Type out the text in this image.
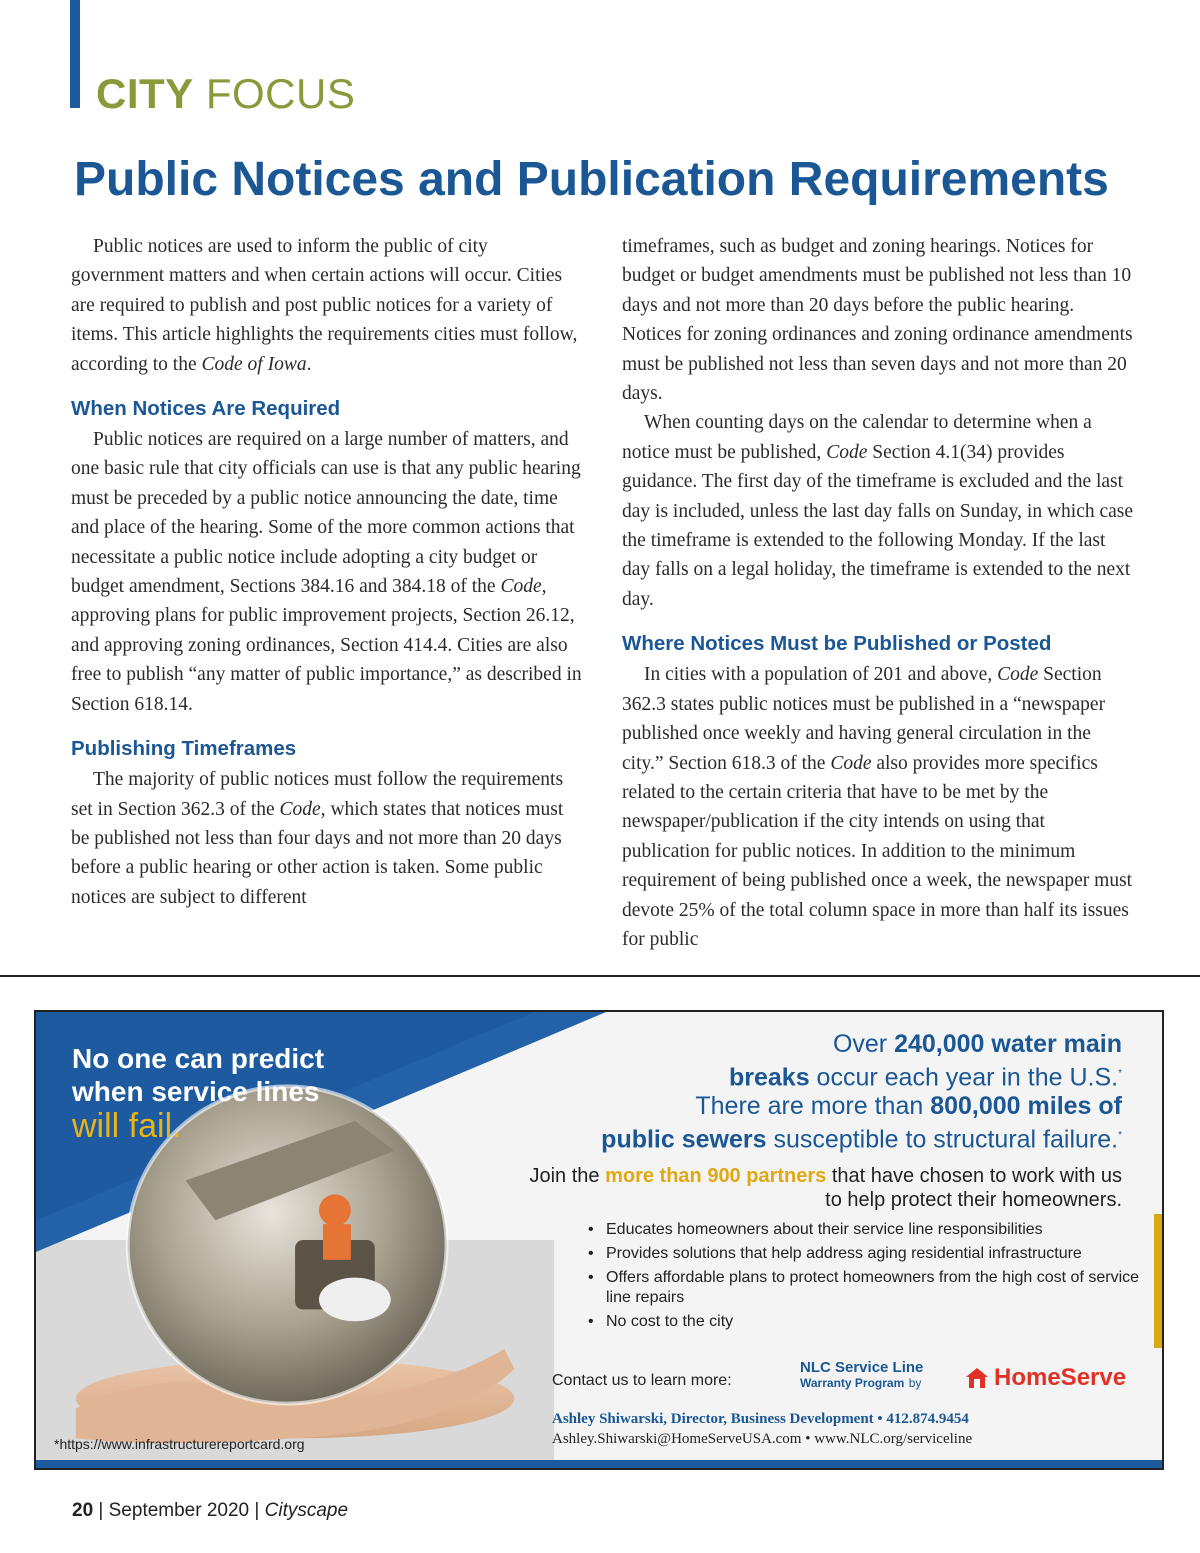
CITY FOCUS
Public Notices and Publication Requirements

Public notices are used to inform the public of city government matters and when certain actions will occur. Cities are required to publish and post public notices for a variety of items. This article highlights the requirements cities must follow, according to the Code of Iowa.

When Notices Are Required

Public notices are required on a large number of matters, and one basic rule that city officials can use is that any public hearing must be preceded by a public notice announcing the date, time and place of the hearing. Some of the more common actions that necessitate a public notice include adopting a city budget or budget amendment, Sections 384.16 and 384.18 of the Code, approving plans for public improvement projects, Section 26.12, and approving zoning ordinances, Section 414.4. Cities are also free to publish “any matter of public importance,” as described in Section 618.14.

Publishing Timeframes

The majority of public notices must follow the requirements set in Section 362.3 of the Code, which states that notices must be published not less than four days and not more than 20 days before a public hearing or other action is taken. Some public notices are subject to different

timeframes, such as budget and zoning hearings. Notices for budget or budget amendments must be published not less than 10 days and not more than 20 days before the public hearing. Notices for zoning ordinances and zoning ordinance amendments must be published not less than seven days and not more than 20 days.

When counting days on the calendar to determine when a notice must be published, Code Section 4.1(34) provides guidance. The first day of the timeframe is excluded and the last day is included, unless the last day falls on Sunday, in which case the timeframe is extended to the following Monday. If the last day falls on a legal holiday, the timeframe is extended to the next day.

Where Notices Must be Published or Posted

In cities with a population of 201 and above, Code Section 362.3 states public notices must be published in a “newspaper published once weekly and having general circulation in the city.” Section 618.3 of the Code also provides more specifics related to the certain criteria that have to be met by the newspaper/publication if the city intends on using that publication for public notices. In addition to the minimum requirement of being published once a week, the newspaper must devote 25% of the total column space in more than half its issues for public

No one can predict
when service lines
will fail.
Over 240,000 water main
breaks occur each year in the U.S.*
There are more than 800,000 miles of
public sewers susceptible to structural failure.*
Join the more than 900 partners that have chosen to work with us to help protect their homeowners.
• Educates homeowners about their service line responsibilities
• Provides solutions that help address aging residential infrastructure
• Offers affordable plans to protect homeowners from the high cost of service line repairs
• No cost to the city
Contact us to learn more:
NLC Service Line
Warranty Program by	HomeServe
Ashley Shiwarski, Director, Business Development • 412.874.9454
Ashley.Shiwarski@HomeServeUSA.com • www.NLC.org/serviceline
*https://www.infrastructurereportcard.org
20 | September 2020 | Cityscape
